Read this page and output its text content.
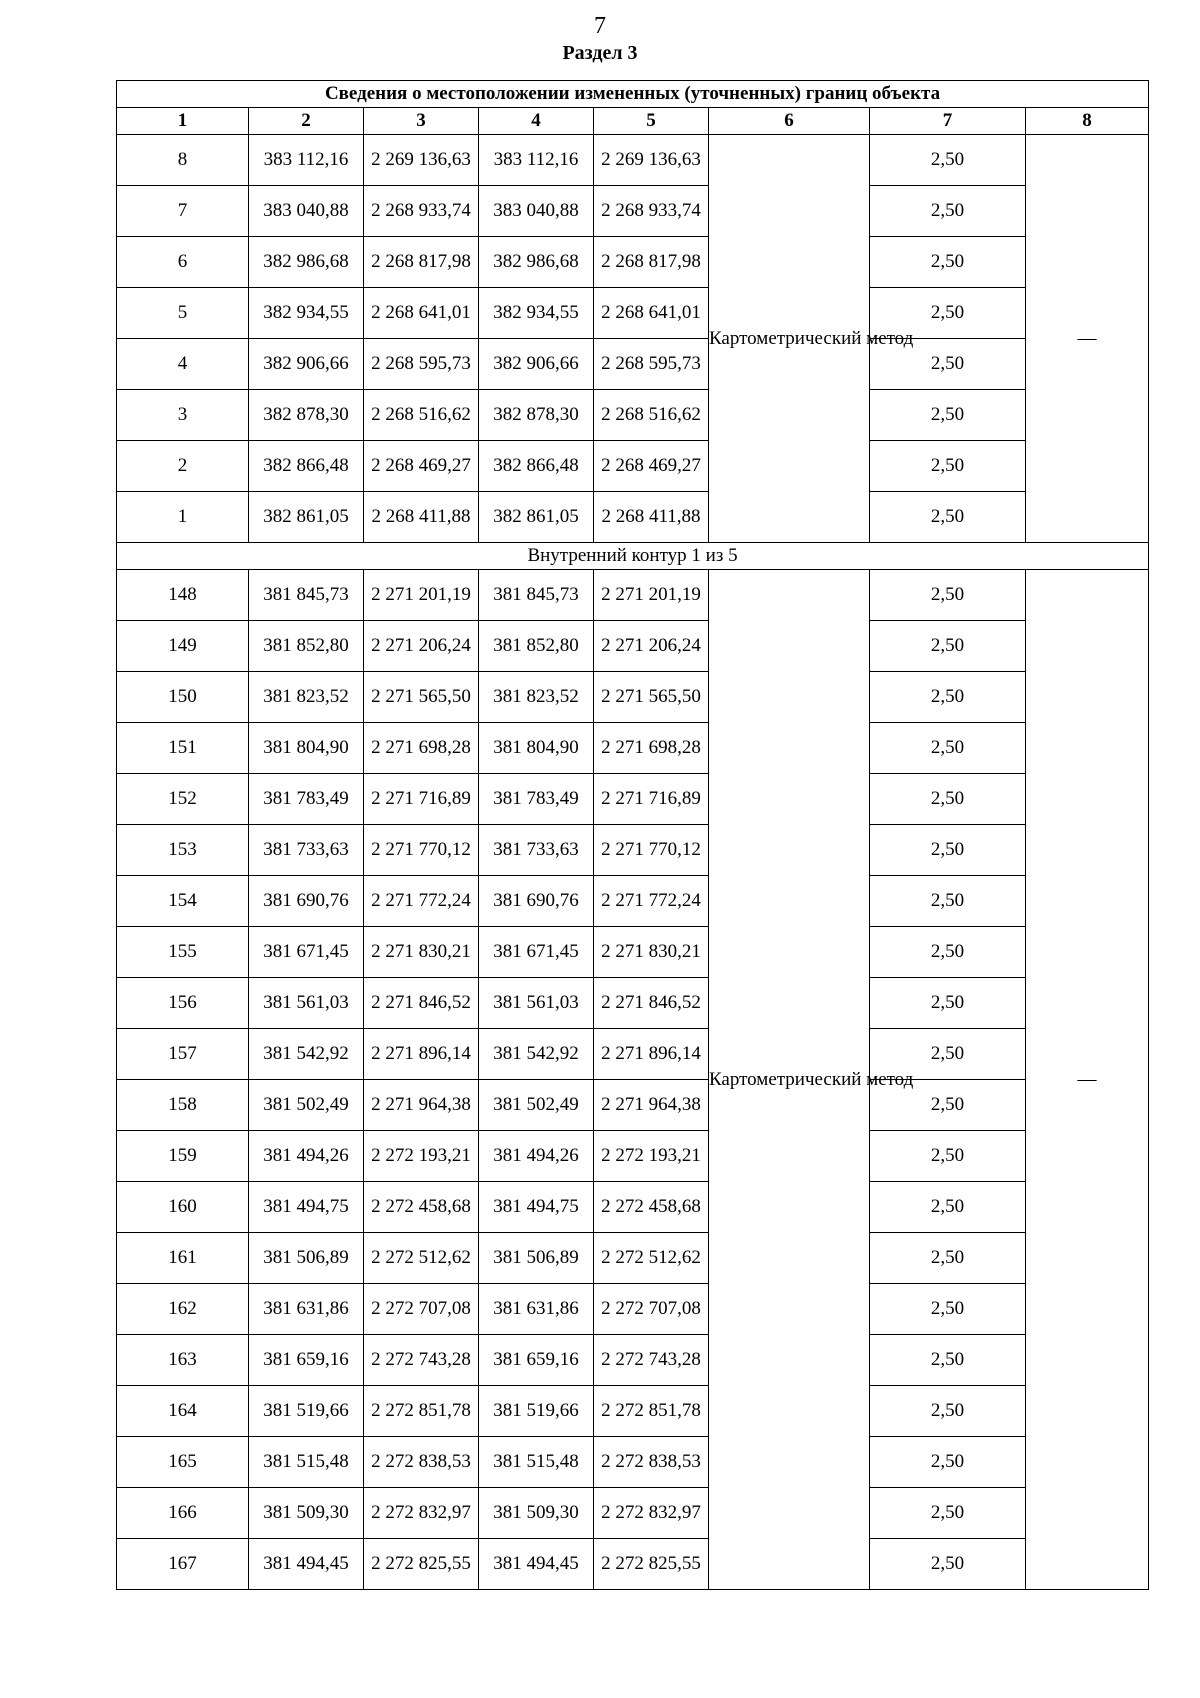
7
Раздел 3
Сведения о местоположении измененных (уточненных) границ объекта							
1	2	3	4	5	6	7	8
8	383 112,16	2 269 136,63	383 112,16	2 269 136,63	Картометрический метод	2,50	—
7	383 040,88	2 268 933,74	383 040,88	2 268 933,74		2,50	
6	382 986,68	2 268 817,98	382 986,68	2 268 817,98		2,50	
5	382 934,55	2 268 641,01	382 934,55	2 268 641,01		2,50	
4	382 906,66	2 268 595,73	382 906,66	2 268 595,73		2,50	
3	382 878,30	2 268 516,62	382 878,30	2 268 516,62		2,50	
2	382 866,48	2 268 469,27	382 866,48	2 268 469,27		2,50	
1	382 861,05	2 268 411,88	382 861,05	2 268 411,88		2,50	
Внутренний контур 1 из 5							
148	381 845,73	2 271 201,19	381 845,73	2 271 201,19	Картометрический метод	2,50	—
149	381 852,80	2 271 206,24	381 852,80	2 271 206,24		2,50	
150	381 823,52	2 271 565,50	381 823,52	2 271 565,50		2,50	
151	381 804,90	2 271 698,28	381 804,90	2 271 698,28		2,50	
152	381 783,49	2 271 716,89	381 783,49	2 271 716,89		2,50	
153	381 733,63	2 271 770,12	381 733,63	2 271 770,12		2,50	
154	381 690,76	2 271 772,24	381 690,76	2 271 772,24		2,50	
155	381 671,45	2 271 830,21	381 671,45	2 271 830,21		2,50	
156	381 561,03	2 271 846,52	381 561,03	2 271 846,52		2,50	
157	381 542,92	2 271 896,14	381 542,92	2 271 896,14		2,50	
158	381 502,49	2 271 964,38	381 502,49	2 271 964,38		2,50	
159	381 494,26	2 272 193,21	381 494,26	2 272 193,21		2,50	
160	381 494,75	2 272 458,68	381 494,75	2 272 458,68		2,50	
161	381 506,89	2 272 512,62	381 506,89	2 272 512,62		2,50	
162	381 631,86	2 272 707,08	381 631,86	2 272 707,08		2,50	
163	381 659,16	2 272 743,28	381 659,16	2 272 743,28		2,50	
164	381 519,66	2 272 851,78	381 519,66	2 272 851,78		2,50	
165	381 515,48	2 272 838,53	381 515,48	2 272 838,53		2,50	
166	381 509,30	2 272 832,97	381 509,30	2 272 832,97		2,50	
167	381 494,45	2 272 825,55	381 494,45	2 272 825,55		2,50	
